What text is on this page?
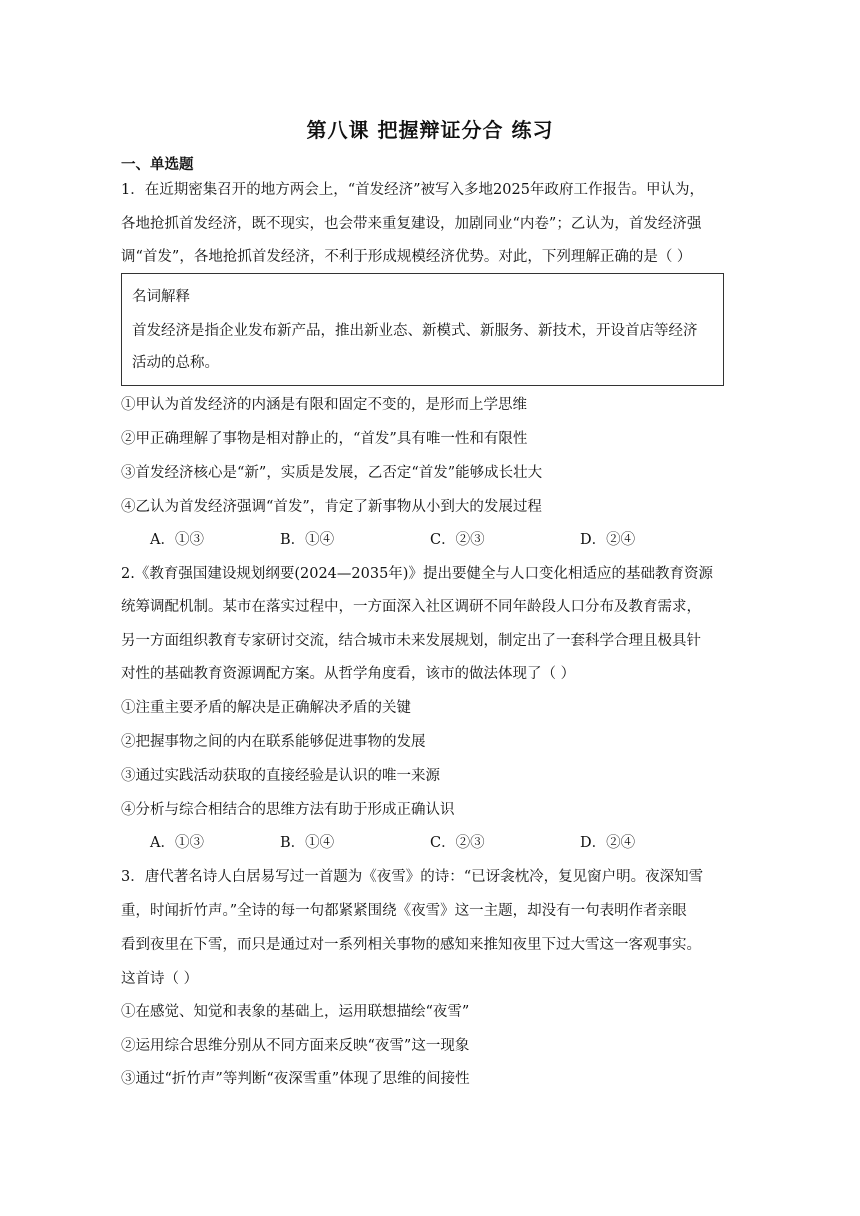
第八课 把握辩证分合 练习
一、单选题
1．在近期密集召开的地方两会上，“首发经济”被写入多地2025年政府工作报告。甲认为，
各地抢抓首发经济，既不现实，也会带来重复建设，加剧同业“内卷”；乙认为，首发经济强
调“首发”，各地抢抓首发经济，不利于形成规模经济优势。对此，下列理解正确的是（ ）
名词解释
首发经济是指企业发布新产品，推出新业态、新模式、新服务、新技术，开设首店等经济
活动的总称。
①甲认为首发经济的内涵是有限和固定不变的，是形而上学思维
②甲正确理解了事物是相对静止的，“首发”具有唯一性和有限性
③首发经济核心是“新”，实质是发展，乙否定“首发”能够成长壮大
④乙认为首发经济强调“首发”，肯定了新事物从小到大的发展过程
A．①③	B．①④	C．②③	D．②④
2.《教育强国建设规划纲要(2024—2035年)》提出要健全与人口变化相适应的基础教育资源
统筹调配机制。某市在落实过程中，一方面深入社区调研不同年龄段人口分布及教育需求，
另一方面组织教育专家研讨交流，结合城市未来发展规划，制定出了一套科学合理且极具针
对性的基础教育资源调配方案。从哲学角度看，该市的做法体现了（ ）
①注重主要矛盾的解决是正确解决矛盾的关键
②把握事物之间的内在联系能够促进事物的发展
③通过实践活动获取的直接经验是认识的唯一来源
④分析与综合相结合的思维方法有助于形成正确认识
A．①③	B．①④	C．②③	D．②④
3．唐代著名诗人白居易写过一首题为《夜雪》的诗：“已讶衾枕冷，复见窗户明。夜深知雪
重，时闻折竹声。”全诗的每一句都紧紧围绕《夜雪》这一主题，却没有一句表明作者亲眼
看到夜里在下雪，而只是通过对一系列相关事物的感知来推知夜里下过大雪这一客观事实。
这首诗（ ）
①在感觉、知觉和表象的基础上，运用联想描绘“夜雪”
②运用综合思维分别从不同方面来反映“夜雪”这一现象
③通过“折竹声”等判断“夜深雪重”体现了思维的间接性
